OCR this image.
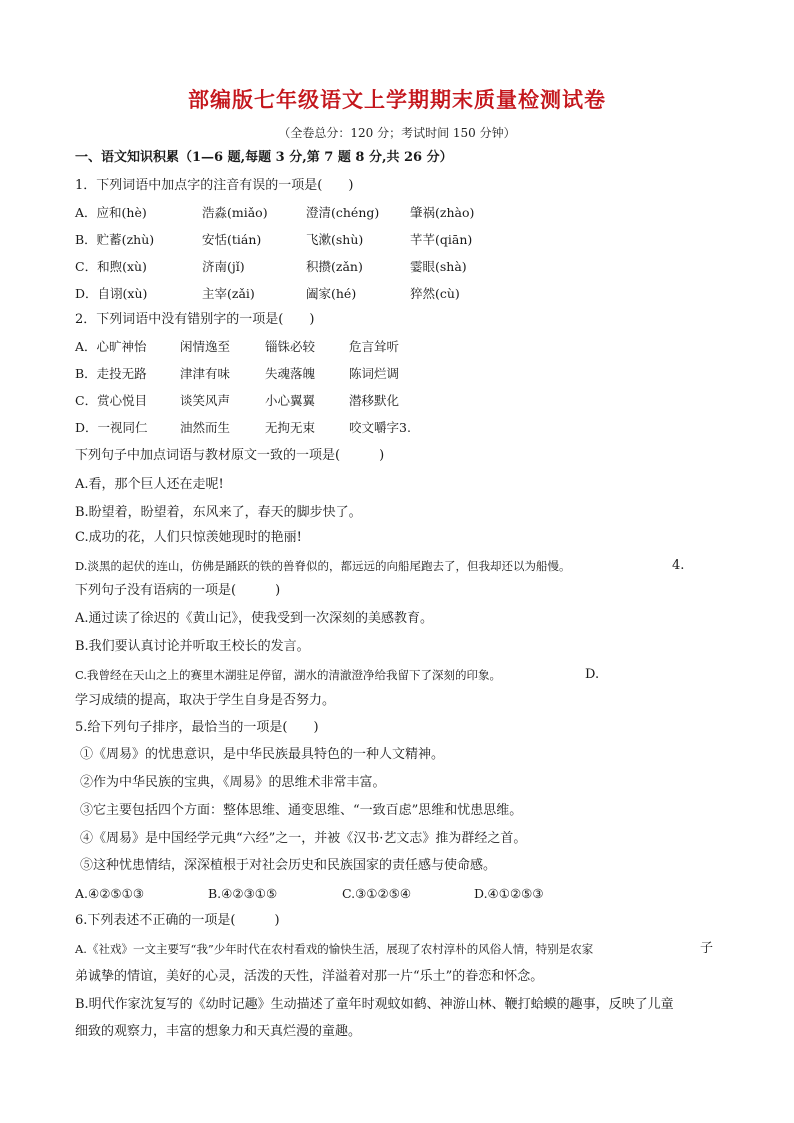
部编版七年级语文上学期期末质量检测试卷
（全卷总分：120 分；考试时间 150 分钟）
一、语文知识积累（1—6 题,每题 3 分,第 7 题 8 分,共 26 分）
1．下列词语中加点字的注音有误的一项是(　　)
A．应和(hè)	浩淼(miǎo)	澄清(chéng) 肇祸(zhào)
B．贮蓄(zhù)	安恬(tián)	飞漱(shù)	芊芊(qiān)
C．和煦(xù)	济南(jǐ)	积攒(zǎn)	霎眼(shà)
D．自诩(xù)	主宰(zǎi)	阖家(hé)	猝然(cù)
2．下列词语中没有错别字的一项是(　　)
A．心旷神怡	闲情逸至	锱铢必较	危言耸听
B．走投无路	津津有味	失魂落魄	陈词烂调
C．赏心悦目	谈笑风声	小心翼翼	潜移默化
D．一视同仁	油然而生	无拘无束	咬文嚼字3.
下列句子中加点词语与教材原文一致的一项是(　　　)
A.看，那个巨人还在走呢!
B.盼望着，盼望着，东风来了，春天的脚步快了。
C.成功的花，人们只惊羡她现时的艳丽!
D.淡黑的起伏的连山，仿佛是踊跃的铁的兽脊似的，都远远的向船尾跑去了，但我却还以为船慢。	4.
下列句子没有语病的一项是(　　　)
A.通过读了徐迟的《黄山记》，使我受到一次深刻的美感教育。
B.我们要认真讨论并听取王校长的发言。
C.我曾经在天山之上的赛里木湖驻足停留，湖水的清澈澄净给我留下了深刻的印象。	D.
学习成绩的提高，取决于学生自身是否努力。
5.给下列句子排序，最恰当的一项是(　　)
①《周易》的忧患意识，是中华民族最具特色的一种人文精神。
②作为中华民族的宝典，《周易》的思维术非常丰富。
③它主要包括四个方面：整体思维、通变思维、“一致百虑”思维和忧患思维。
④《周易》是中国经学元典“六经”之一，并被《汉书·艺文志》推为群经之首。
⑤这种忧患情结，深深植根于对社会历史和民族国家的责任感与使命感。
A.④②⑤①③	B.④②③①⑤	C.③①②⑤④	D.④①②⑤③
6.下列表述不正确的一项是(　　　)
A.《社戏》一文主要写“我”少年时代在农村看戏的愉快生活，展现了农村淳朴的风俗人情，特别是农家	子
弟诚挚的情谊，美好的心灵，活泼的天性，洋溢着对那一片“乐土”的眷恋和怀念。
B.明代作家沈复写的《幼时记趣》生动描述了童年时观蚊如鹤、神游山林、鞭打蛤蟆的趣事，反映了儿童
细致的观察力，丰富的想象力和天真烂漫的童趣。
